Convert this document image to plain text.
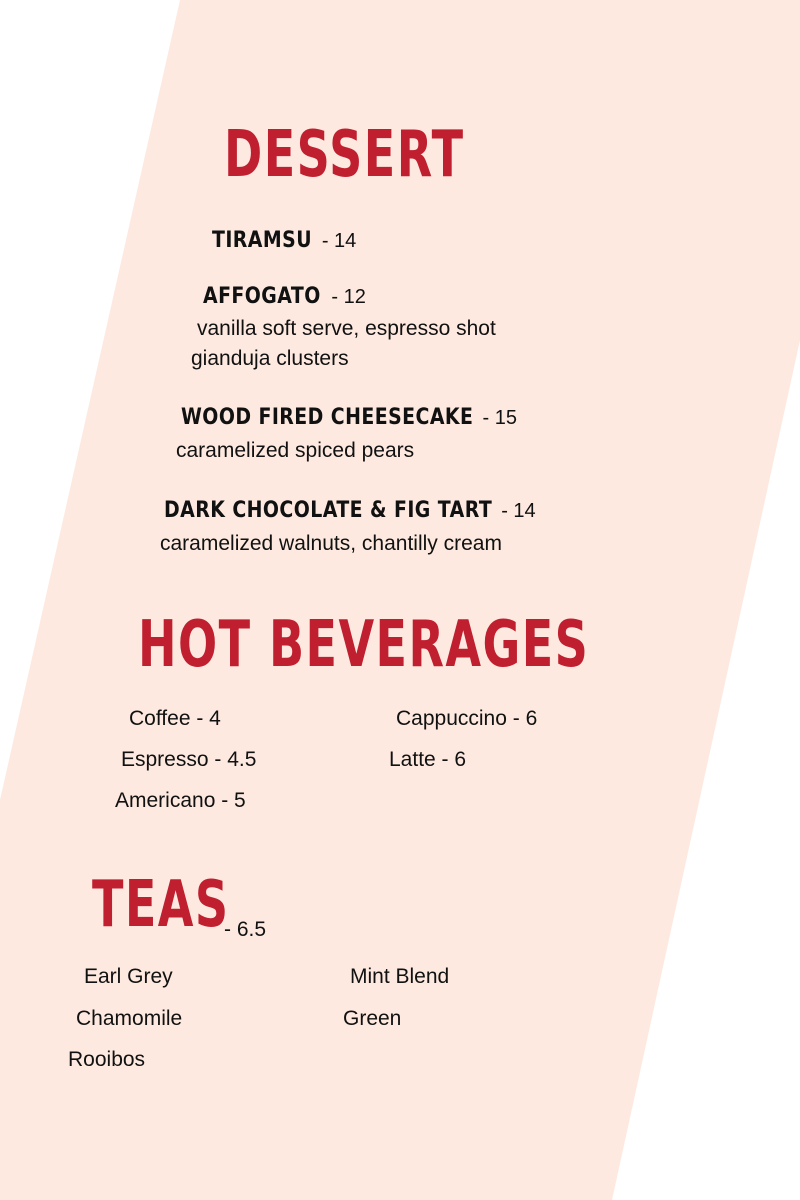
DESSERT
TIRAMSU - 14
AFFOGATO - 12
vanilla soft serve, espresso shot
gianduja clusters
WOOD FIRED CHEESECAKE - 15
caramelized spiced pears
DARK CHOCOLATE & FIG TART - 14
caramelized walnuts, chantilly cream
HOT BEVERAGES
Coffee - 4
Espresso - 4.5
Americano - 5
Cappuccino - 6
Latte - 6
TEAS
- 6.5
Earl Grey
Chamomile
Rooibos
Mint Blend
Green
